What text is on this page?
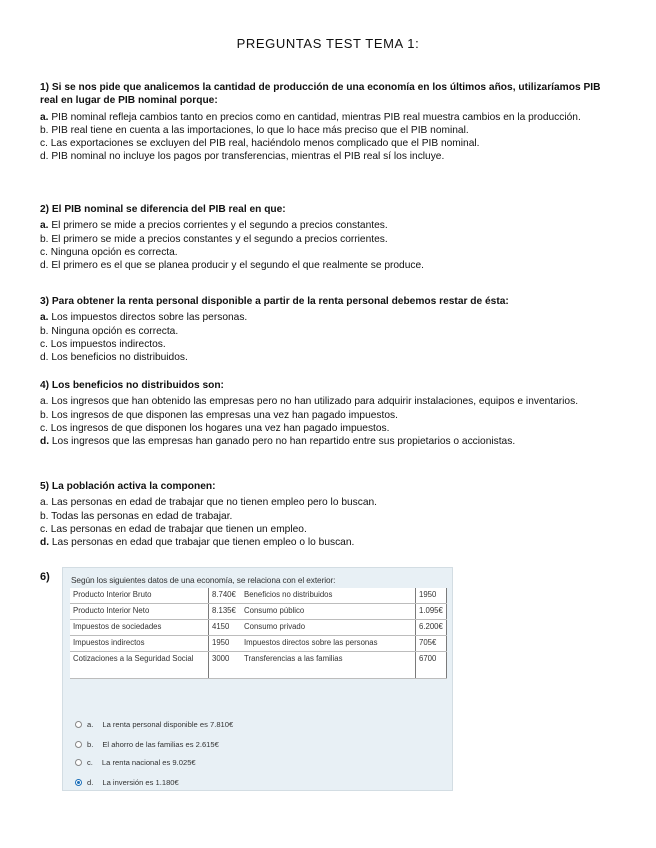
PREGUNTAS TEST TEMA 1:
1) Si se nos pide que analicemos la cantidad de producción de una economía en los últimos años, utilizaríamos PIB real en lugar de PIB nominal porque:
a. PIB nominal refleja cambios tanto en precios como en cantidad, mientras PIB real muestra cambios en la producción.
b. PIB real tiene en cuenta a las importaciones, lo que lo hace más preciso que el PIB nominal.
c. Las exportaciones se excluyen del PIB real, haciéndolo menos complicado que el PIB nominal.
d. PIB nominal no incluye los pagos por transferencias, mientras el PIB real sí los incluye.
2) El PIB nominal se diferencia del PIB real en que:
a. El primero se mide a precios corrientes y el segundo a precios constantes.
b. El primero se mide a precios constantes y el segundo a precios corrientes.
c. Ninguna opción es correcta.
d. El primero es el que se planea producir y el segundo el que realmente se produce.
3) Para obtener la renta personal disponible a partir de la renta personal debemos restar de ésta:
a. Los impuestos directos sobre las personas.
b. Ninguna opción es correcta.
c. Los impuestos indirectos.
d. Los beneficios no distribuidos.
4) Los beneficios no distribuidos son:
a. Los ingresos que han obtenido las empresas pero no han utilizado para adquirir instalaciones, equipos e inventarios.
b. Los ingresos de que disponen las empresas una vez han pagado impuestos.
c. Los ingresos de que disponen los hogares una vez han pagado impuestos.
d. Los ingresos que las empresas han ganado pero no han repartido entre sus propietarios o accionistas.
5) La población activa la componen:
a. Las personas en edad de trabajar que no tienen empleo pero lo buscan.
b. Todas las personas en edad de trabajar.
c. Las personas en edad de trabajar que tienen un empleo.
d. Las personas en edad que trabajar que tienen empleo o lo buscan.
6)	Según los siguientes datos de una economía, se relaciona con el exterior:
Producto Interior Bruto	8.740€	Beneficios no distribuidos	1950
Producto Interior Neto	8.135€	Consumo público	1.095€
Impuestos de sociedades	4150	Consumo privado	6.200€
Impuestos indirectos	1950	Impuestos directos sobre las personas	705€
Cotizaciones a la Seguridad Social	3000	Transferencias a las familias	6700
a. La renta personal disponible es 7.810€
b. El ahorro de las familias es 2.615€
c. La renta nacional es 9.025€
d. La inversión es 1.180€
